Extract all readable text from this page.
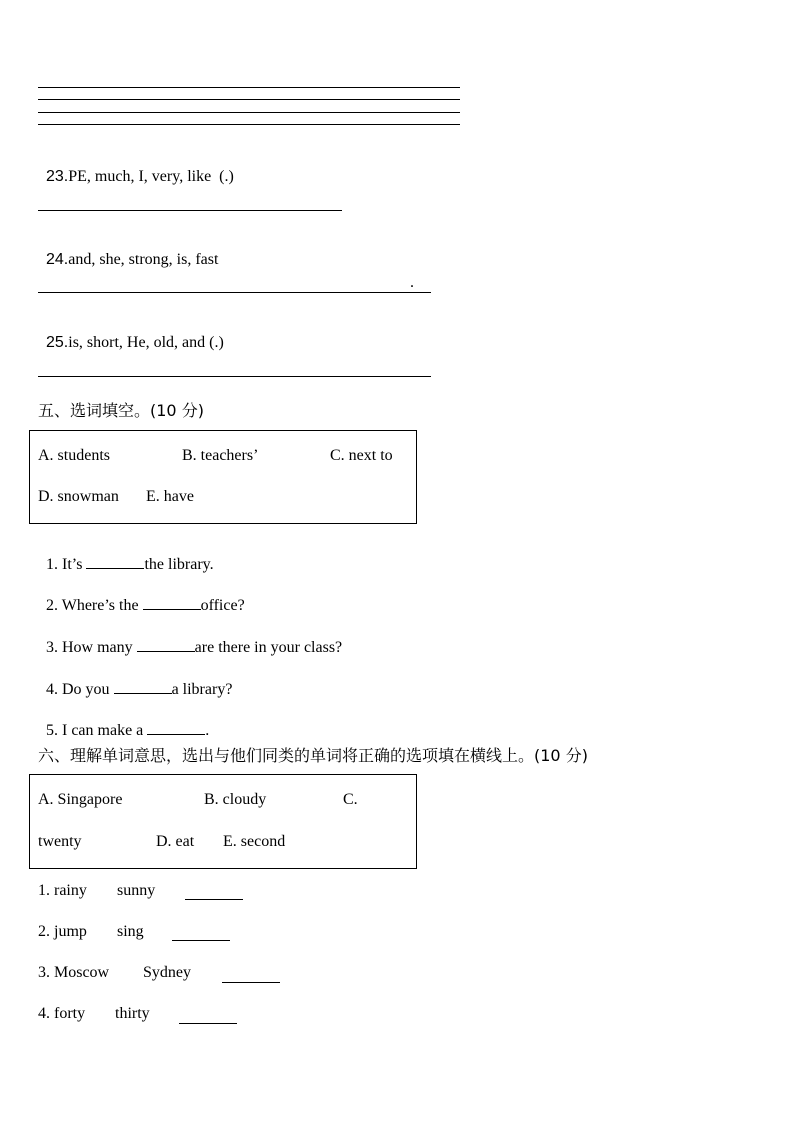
23.PE, much, I, very, like  (.)

24.and, she, strong, is, fast

.

25.is, short, He, old, and (.)

五、选词填空。(10 分)
A. students	B. teachers’	C. next to
D. snowman E. have

1. It’s	the library.

2. Where’s the	office?

3. How many	are there in your class?

4. Do you	a library?

5. I can make a	.

六、理解单词意思，选出与他们同类的单词将正确的选项填在横线上。(10 分)
A. Singapore	B. cloudy	C.
twenty	D. eat E. second
1. rainy sunny
2. jump sing
3. Moscow Sydney
4. forty thirty
